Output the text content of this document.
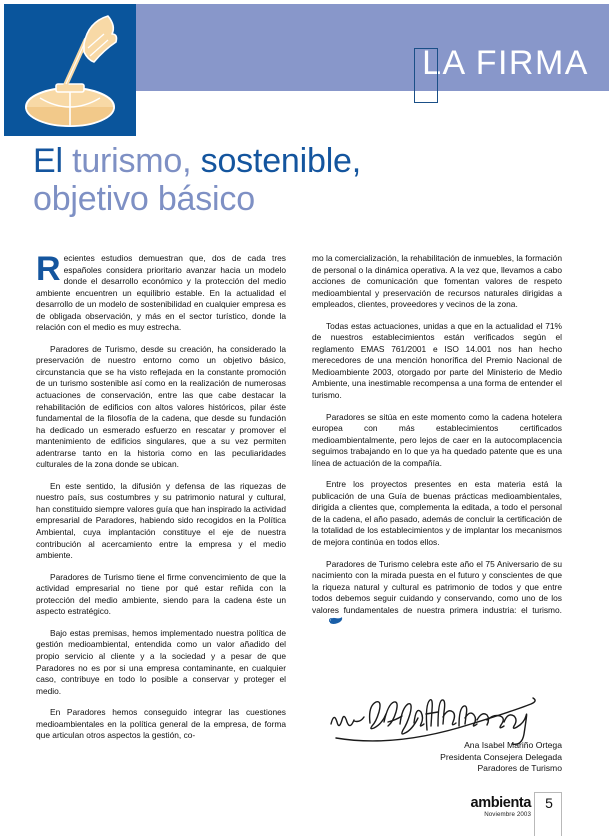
LA FIRMA
El turismo, sostenible,
objetivo básico

Recientes estudios demuestran que, dos de cada tres españoles considera prioritario avanzar hacia un modelo donde el desarrollo económico y la protección del medio ambiente encuentren un equilibrio estable. En la actualidad el desarrollo de un modelo de sostenibilidad en cualquier empresa es de obligada observación, y más en el sector turístico, donde la relación con el medio es muy estrecha.

Paradores de Turismo, desde su creación, ha considerado la preservación de nuestro entorno como un objetivo básico, circunstancia que se ha visto reflejada en la constante promoción de un turismo sostenible así como en la realización de numerosas actuaciones de conservación, entre las que cabe destacar la rehabilitación de edificios con altos valores históricos, pilar éste fundamental de la filosofía de la cadena, que desde su fundación ha dedicado un esmerado esfuerzo en rescatar y promover el mantenimiento de edificios singulares, que a su vez permiten adentrarse tanto en la historia como en las peculiaridades culturales de la zona donde se ubican.

En este sentido, la difusión y defensa de las riquezas de nuestro país, sus costumbres y su patrimonio natural y cultural, han constituido siempre valores guía que han inspirado la actividad empresarial de Paradores, habiendo sido recogidos en la Política Ambiental, cuya implantación constituye el eje de nuestra contribución al acercamiento entre la empresa y el medio ambiente.

Paradores de Turismo tiene el firme convencimiento de que la actividad empresarial no tiene por qué estar reñida con la protección del medio ambiente, siendo para la cadena éste un aspecto estratégico.

Bajo estas premisas, hemos implementado nuestra política de gestión medioambiental, entendida como un valor añadido del propio servicio al cliente y a la sociedad y a pesar de que Paradores no es por si una empresa contaminante, en cualquier caso, contribuye en todo lo posible a conservar y proteger el medio.

En Paradores hemos conseguido integrar las cuestiones medioambientales en la política general de la empresa, de forma que articulan otros aspectos la gestión, co-

mo la comercialización, la rehabilitación de inmuebles, la formación de personal o la dinámica operativa. A la vez que, llevamos a cabo acciones de comunicación que fomentan valores de respeto medioambiental y preservación de recursos naturales dirigidas a empleados, clientes, proveedores y vecinos de la zona.

Todas estas actuaciones, unidas a que en la actualidad el 71% de nuestros establecimientos están verificados según el reglamento EMAS 761/2001 e ISO 14.001 nos han hecho merecedores de una mención honorífica del Premio Nacional de Medioambiente 2003, otorgado por parte del Ministerio de Medio Ambiente, una inestimable recompensa a una forma de entender el turismo.

Paradores se sitúa en este momento como la cadena hotelera europea con más establecimientos certificados medioambientalmente, pero lejos de caer en la autocomplacencia seguimos trabajando en lo que ya ha quedado patente que es una línea de actuación de la compañía.

Entre los proyectos presentes en esta materia está la publicación de una Guía de buenas prácticas medioambientales, dirigida a clientes que, complementa la editada, a todo el personal de la cadena, el año pasado, además de concluir la certificación de la totalidad de los establecimientos y de implantar los mecanismos de mejora continúa en todos ellos.

Paradores de Turismo celebra este año el 75 Aniversario de su nacimiento con la mirada puesta en el futuro y conscientes de que la riqueza natural y cultural es patrimonio de todos y que entre todos debemos seguir cuidando y conservando, como uno de los valores fundamentales de nuestra primera industria: el turismo.

Ana Isabel Mariño Ortega
Presidenta Consejera Delegada
Paradores de Turismo
ambienta
Noviembre 2003
5
